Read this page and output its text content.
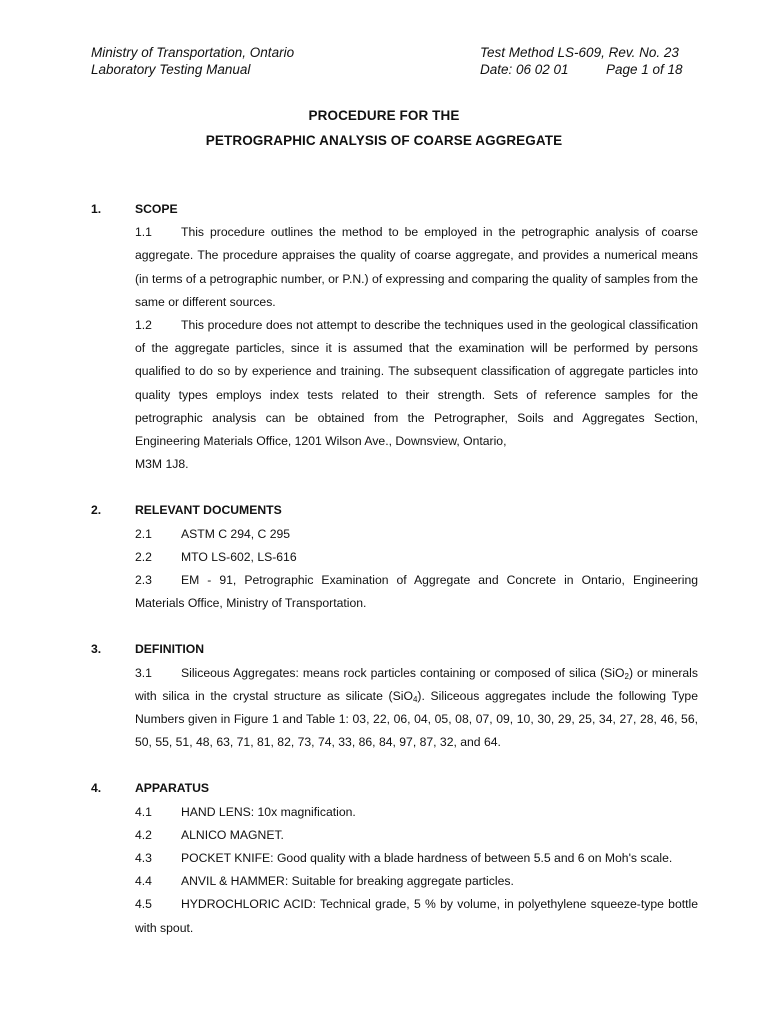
Ministry of Transportation, Ontario
Laboratory Testing Manual
Test Method LS-609, Rev. No. 23
Date: 06 02 01	Page 1 of 18
PROCEDURE FOR THE
PETROGRAPHIC ANALYSIS OF COARSE AGGREGATE
1.	SCOPE

1.1 This procedure outlines the method to be employed in the petrographic analysis of coarse aggregate. The procedure appraises the quality of coarse aggregate, and provides a numerical means (in terms of a petrographic number, or P.N.) of expressing and comparing the quality of samples from the same or different sources.

1.2 This procedure does not attempt to describe the techniques used in the geological classification of the aggregate particles, since it is assumed that the examination will be performed by persons qualified to do so by experience and training. The subsequent classification of aggregate particles into quality types employs index tests related to their strength. Sets of reference samples for the petrographic analysis can be obtained from the Petrographer, Soils and Aggregates Section, Engineering Materials Office, 1201 Wilson Ave., Downsview, Ontario,

M3M 1J8.

2.	RELEVANT DOCUMENTS
2.1	ASTM C 294, C 295
2.2	MTO LS-602, LS-616

2.3 EM - 91, Petrographic Examination of Aggregate and Concrete in Ontario, Engineering Materials Office, Ministry of Transportation.

3.	DEFINITION

3.1 Siliceous Aggregates: means rock particles containing or composed of silica (SiO$_2$) or minerals with silica in the crystal structure as silicate (SiO$_4$). Siliceous aggregates include the following Type Numbers given in Figure 1 and Table 1: 03, 22, 06, 04, 05, 08, 07, 09, 10, 30, 29, 25, 34, 27, 28, 46, 56, 50, 55, 51, 48, 63, 71, 81, 82, 73, 74, 33, 86, 84, 97, 87, 32, and 64.

4.	APPARATUS
4.1	HAND LENS: 10x magnification.
4.2	ALNICO MAGNET.
4.3	POCKET KNIFE: Good quality with a blade hardness of between 5.5 and 6 on Moh's scale.
4.4	ANVIL & HAMMER: Suitable for breaking aggregate particles.

4.5 HYDROCHLORIC ACID: Technical grade, 5 % by volume, in polyethylene squeeze-type bottle with spout.
